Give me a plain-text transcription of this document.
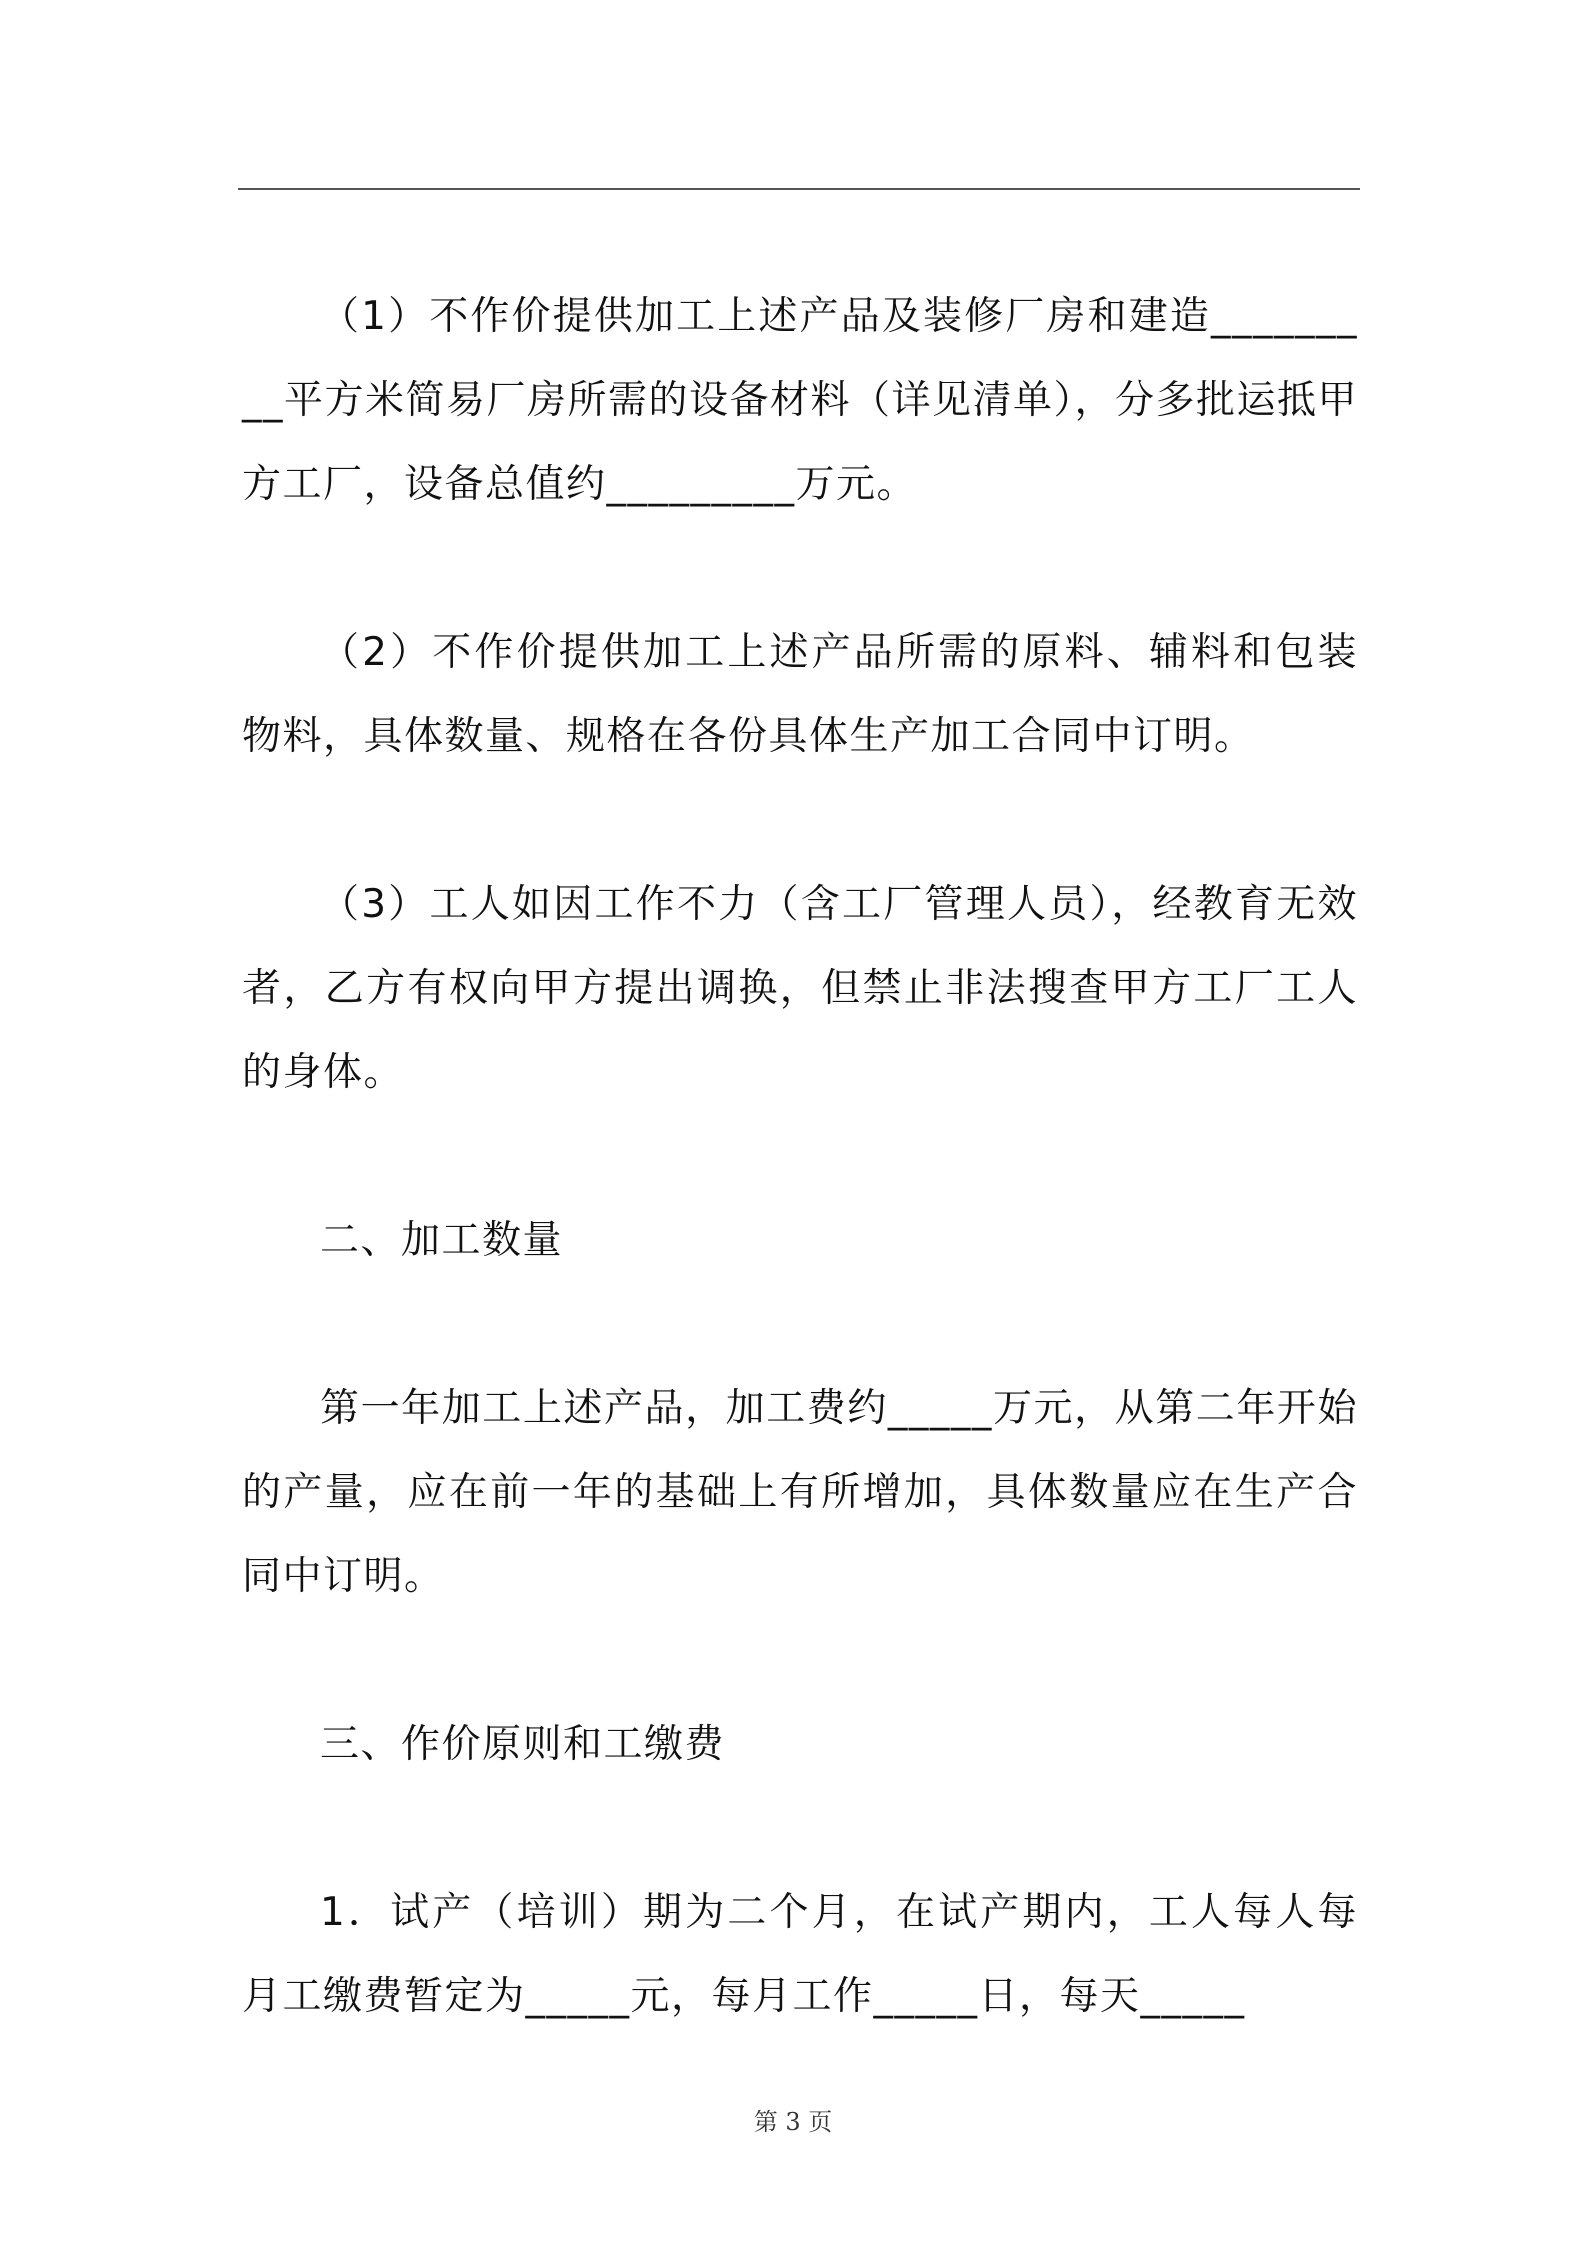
（1）不作价提供加工上述产品及装修厂房和建造_________平方米简易厂房所需的设备材料（详见清单），分多批运抵甲方工厂，设备总值约_________万元。

（2）不作价提供加工上述产品所需的原料、辅料和包装物料，具体数量、规格在各份具体生产加工合同中订明。

（3）工人如因工作不力（含工厂管理人员），经教育无效者，乙方有权向甲方提出调换，但禁止非法搜查甲方工厂工人的身体。

二、加工数量

第一年加工上述产品，加工费约_____万元，从第二年开始的产量，应在前一年的基础上有所增加，具体数量应在生产合同中订明。

三、作价原则和工缴费

1．试产（培训）期为二个月，在试产期内，工人每人每月工缴费暂定为_____元，每月工作_____日，每天_____

第 3 页
